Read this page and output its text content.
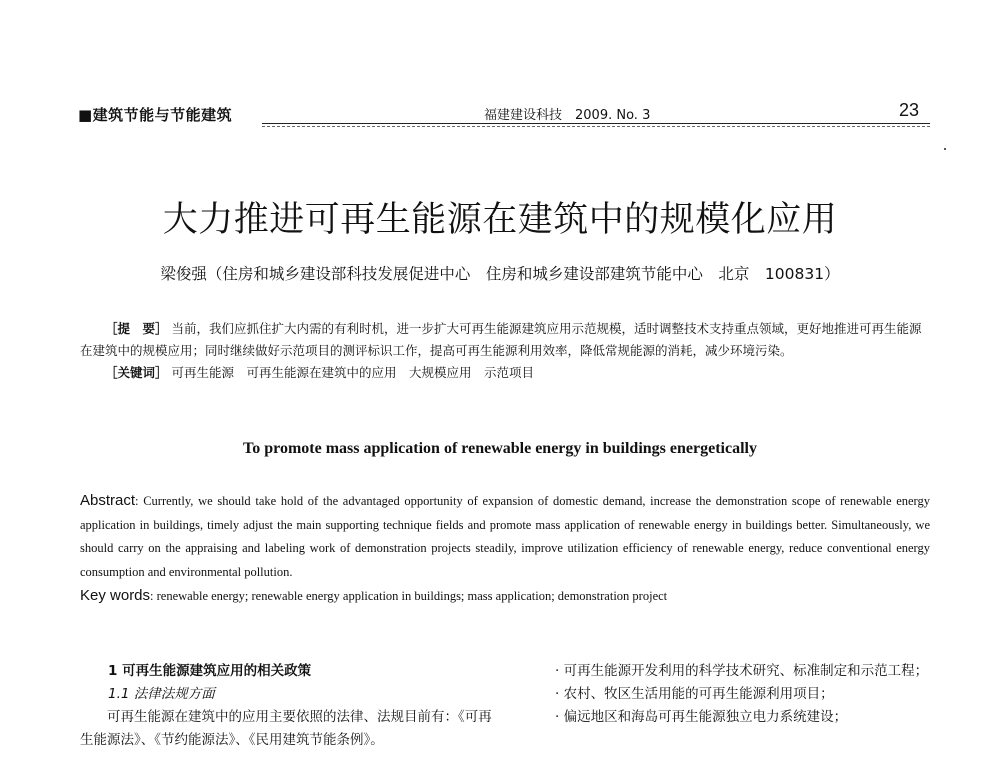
■建筑节能与节能建筑	福建建设科技　2009. No. 3	23
大力推进可再生能源在建筑中的规模化应用
梁俊强（住房和城乡建设部科技发展促进中心　住房和城乡建设部建筑节能中心　北京　100831）

［提　要］ 当前，我们应抓住扩大内需的有利时机，进一步扩大可再生能源建筑应用示范规模，适时调整技术支持重点领域，更好地推进可再生能源在建筑中的规模应用；同时继续做好示范项目的测评标识工作，提高可再生能源利用效率，降低常规能源的消耗，减少环境污染。

［关键词］ 可再生能源　可再生能源在建筑中的应用　大规模应用　示范项目

To promote mass application of renewable energy in buildings energetically

Abstract: Currently, we should take hold of the advantaged opportunity of expansion of domestic demand, increase the demonstration scope of renewable energy application in buildings, timely adjust the main supporting technique fields and promote mass application of renewable energy in buildings better. Simultaneously, we should carry on the appraising and labeling work of demonstration projects steadily, improve utilization efficiency of renewable energy, reduce conventional energy consumption and environmental pollution.

Key words: renewable energy; renewable energy application in buildings; mass application; demonstration project

1 可再生能源建筑应用的相关政策

1.1 法律法规方面

可再生能源在建筑中的应用主要依照的法律、法规目前有：《可再生能源法》、《节约能源法》、《民用建筑节能条例》。

· 可再生能源开发利用的科学技术研究、标准制定和示范工程；

· 农村、牧区生活用能的可再生能源利用项目；

· 偏远地区和海岛可再生能源独立电力系统建设；
